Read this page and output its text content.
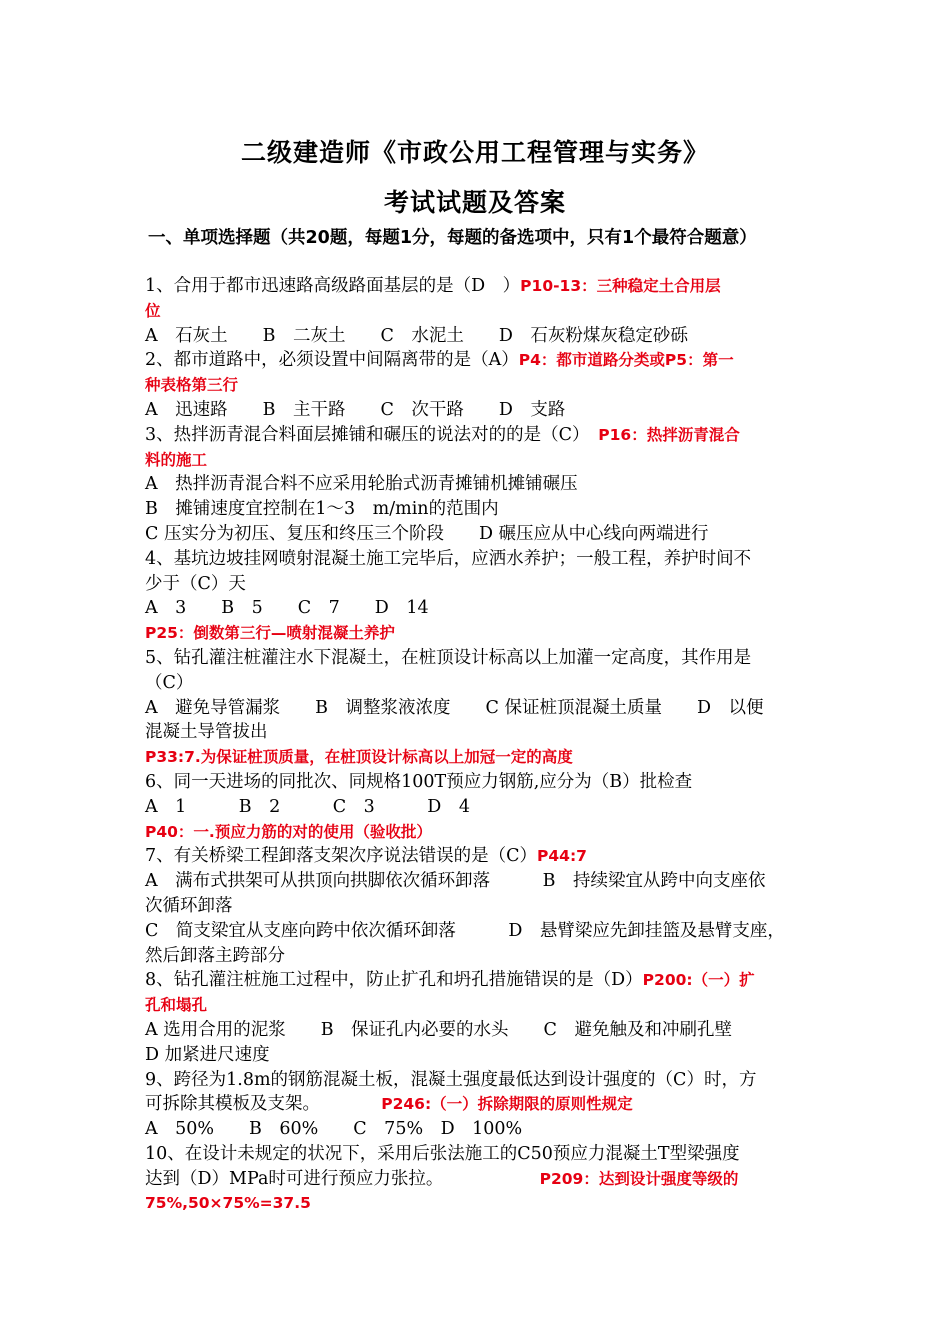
二级建造师《市政公用工程管理与实务》
考试试题及答案
一、单项选择题（共20题，每题1分，每题的备选项中，只有1个最符合题意）
1、合用于都市迅速路高级路面基层的是（D　）P10-13：三种稳定土合用层
位
A　石灰土　　B　二灰土　　C　水泥土　　D　石灰粉煤灰稳定砂砾
2、都市道路中，必须设置中间隔离带的是（A）P4：都市道路分类或P5：第一
种表格第三行
A　迅速路　　B　主干路　　C　次干路　　D　支路
3、热拌沥青混合料面层摊铺和碾压的说法对的的是（C）　P16：热拌沥青混合
料的施工
A　热拌沥青混合料不应采用轮胎式沥青摊铺机摊铺碾压
B　摊铺速度宜控制在1～3　m/min的范围内
C 压实分为初压、复压和终压三个阶段　　D 碾压应从中心线向两端进行
4、基坑边坡挂网喷射混凝土施工完毕后，应洒水养护；一般工程，养护时间不
少于（C）天
A　3　　B　5　　C　7　　D　14
P25：倒数第三行—喷射混凝土养护
5、钻孔灌注桩灌注水下混凝土，在桩顶设计标高以上加灌一定高度，其作用是
（C）
A　避免导管漏浆　　B　调整浆液浓度　　C 保证桩顶混凝土质量　　D　以便
混凝土导管拔出
P33:7.为保证桩顶质量，在桩顶设计标高以上加冠一定的高度
6、同一天进场的同批次、同规格100T预应力钢筋,应分为（B）批检查
A　1　　　B　2　　　C　3　　　D　4
P40：一.预应力筋的对的使用（验收批）
7、有关桥梁工程卸落支架次序说法错误的是（C）P44:7
A　满布式拱架可从拱顶向拱脚依次循环卸落　　　B　持续梁宜从跨中向支座依
次循环卸落
C　简支梁宜从支座向跨中依次循环卸落　　　D　悬臂梁应先卸挂篮及悬臂支座，
然后卸落主跨部分
8、钻孔灌注桩施工过程中，防止扩孔和坍孔措施错误的是（D）P200:（一）扩
孔和塌孔
A 选用合用的泥浆　　B　保证孔内必要的水头　　C　避免触及和冲刷孔壁
D 加紧进尺速度
9、跨径为1.8m的钢筋混凝土板，混凝土强度最低达到设计强度的（C）时，方
可拆除其模板及支架。　　　　P246:（一）拆除期限的原则性规定
A　50%　　B　60%　　C　75%　D　100%
10、在设计未规定的状况下，采用后张法施工的C50预应力混凝土T型梁强度
达到（D）MPa时可进行预应力张拉。　　　　　　P209：达到设计强度等级的
75%,50×75%=37.5
